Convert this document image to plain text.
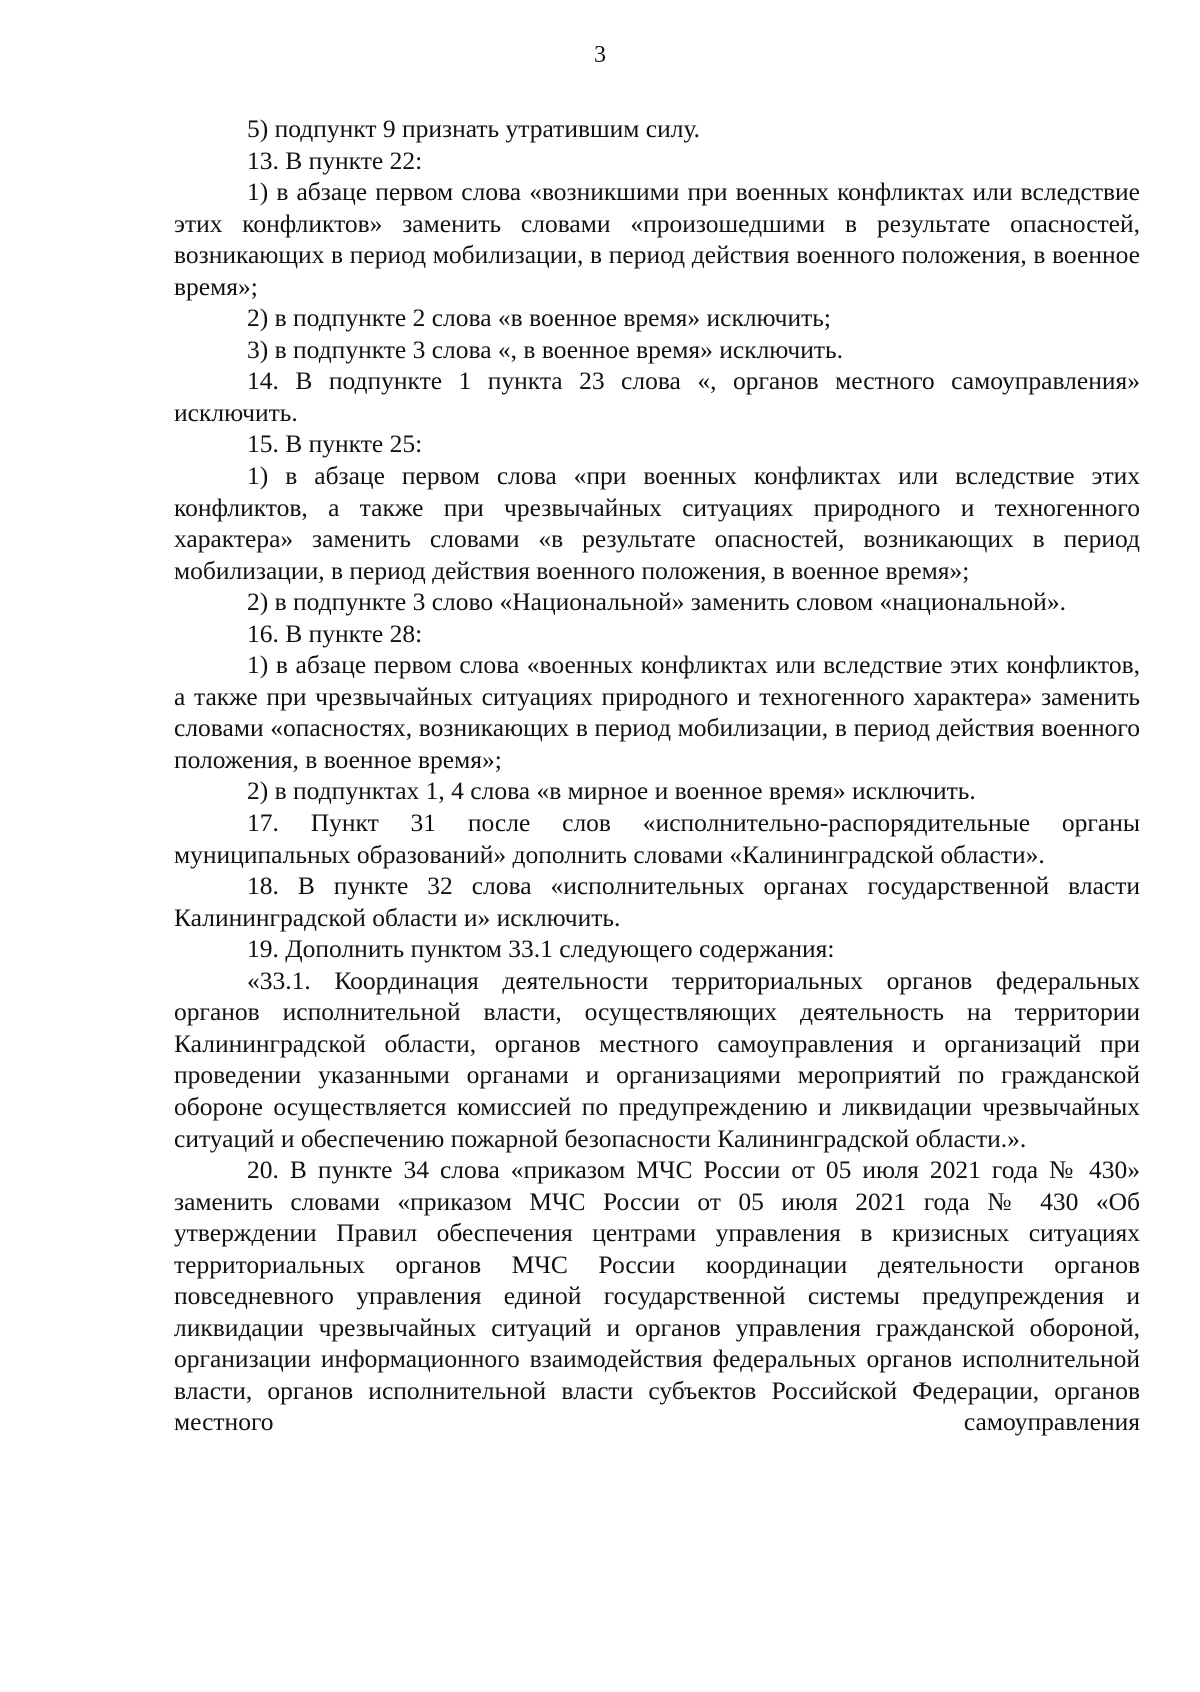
3

5) подпункт 9 признать утратившим силу.

13. В пункте 22:

1) в абзаце первом слова «возникшими при военных конфликтах или вследствие этих конфликтов» заменить словами «произошедшими в результате опасностей, возникающих в период мобилизации, в период действия военного положения, в военное время»;

2) в подпункте 2 слова «в военное время» исключить;

3) в подпункте 3 слова «, в военное время» исключить.

14. В подпункте 1 пункта 23 слова «, органов местного самоуправления» исключить.

15. В пункте 25:

1) в абзаце первом слова «при военных конфликтах или вследствие этих конфликтов, а также при чрезвычайных ситуациях природного и техногенного характера» заменить словами «в результате опасностей, возникающих в период мобилизации, в период действия военного положения, в военное время»;

2) в подпункте 3 слово «Национальной» заменить словом «национальной».

16. В пункте 28:

1) в абзаце первом слова «военных конфликтах или вследствие этих конфликтов, а также при чрезвычайных ситуациях природного и техногенного характера» заменить словами «опасностях, возникающих в период мобилизации, в период действия военного положения, в военное время»;

2) в подпунктах 1, 4 слова «в мирное и военное время» исключить.

17. Пункт 31 после слов «исполнительно-распорядительные органы муниципальных образований» дополнить словами «Калининградской области».

18. В пункте 32 слова «исполнительных органах государственной власти Калининградской области и» исключить.

19. Дополнить пунктом 33.1 следующего содержания:

«33.1. Координация деятельности территориальных органов федеральных органов исполнительной власти, осуществляющих деятельность на территории Калининградской области, органов местного самоуправления и организаций при проведении указанными органами и организациями мероприятий по гражданской обороне осуществляется комиссией по предупреждению и ликвидации чрезвычайных ситуаций и обеспечению пожарной безопасности Калининградской области.».

20. В пункте 34 слова «приказом МЧС России от 05 июля 2021 года № 430» заменить словами «приказом МЧС России от 05 июля 2021 года № 430 «Об утверждении Правил обеспечения центрами управления в кризисных ситуациях территориальных органов МЧС России координации деятельности органов повседневного управления единой государственной системы предупреждения и ликвидации чрезвычайных ситуаций и органов управления гражданской обороной, организации информационного взаимодействия федеральных органов исполнительной власти, органов исполнительной власти субъектов Российской Федерации, органов местного самоуправления
